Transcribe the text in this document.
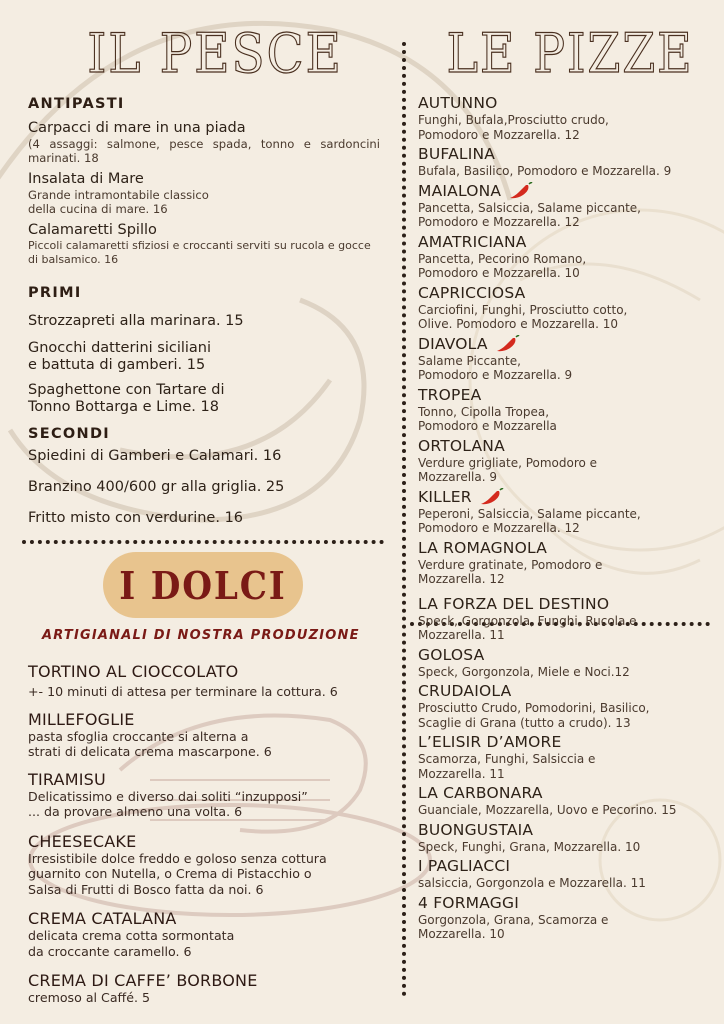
IL PESCE	LE PIZZE
ANTIPASTI
Carpacci di mare in una piada
(4 assaggi: salmone, pesce spada, tonno e sardoncini marinati. 18
Insalata di Mare
Grande intramontabile classico
della cucina di mare. 16
Calamaretti Spillo
Piccoli calamaretti sfiziosi e croccanti serviti su rucola e gocce di balsamico. 16
PRIMI
Strozzapreti alla marinara. 15
Gnocchi datterini siciliani
e battuta di gamberi. 15
Spaghettone con Tartare di
Tonno Bottarga e Lime. 18
SECONDI
Spiedini di Gamberi e Calamari. 16
Branzino 400/600 gr alla griglia. 25
Fritto misto con verdurine. 16
I DOLCI
ARTIGIANALI DI NOSTRA PRODUZIONE
TORTINO AL CIOCCOLATO
+- 10 minuti di attesa per terminare la cottura. 6
MILLEFOGLIE
pasta sfoglia croccante si alterna a
strati di delicata crema mascarpone. 6
TIRAMISU
Delicatissimo e diverso dai soliti “inzupposi”
... da provare almeno una volta. 6
CHEESECAKE
Irresistibile dolce freddo e goloso senza cottura
guarnito con Nutella, o Crema di Pistacchio o
Salsa di Frutti di Bosco fatta da noi. 6
CREMA CATALANA
delicata crema cotta sormontata
da croccante caramello. 6
CREMA DI CAFFE’ BORBONE
cremoso al Caffé. 5
AUTUNNO
Funghi, Bufala,Prosciutto crudo,
Pomodoro e Mozzarella. 12
BUFALINA
Bufala, Basilico, Pomodoro e Mozzarella. 9
MAIALONA
Pancetta, Salsiccia, Salame piccante,
Pomodoro e Mozzarella. 12
AMATRICIANA
Pancetta, Pecorino Romano,
Pomodoro e Mozzarella. 10
CAPRICCIOSA
Carciofini, Funghi, Prosciutto cotto,
Olive. Pomodoro e Mozzarella. 10
DIAVOLA
Salame Piccante,
Pomodoro e Mozzarella. 9
TROPEA
Tonno, Cipolla Tropea,
Pomodoro e Mozzarella
ORTOLANA
Verdure grigliate, Pomodoro e
Mozzarella. 9
KILLER
Peperoni, Salsiccia, Salame piccante,
Pomodoro e Mozzarella. 12
LA ROMAGNOLA
Verdure gratinate, Pomodoro e
Mozzarella. 12
LA FORZA DEL DESTINO
Speck, Gorgonzola, Funghi, Rucola e
Mozzarella. 11
GOLOSA
Speck, Gorgonzola, Miele e Noci.12
CRUDAIOLA
Prosciutto Crudo, Pomodorini, Basilico,
Scaglie di Grana (tutto a crudo). 13
L’ELISIR D’AMORE
Scamorza, Funghi, Salsiccia e
Mozzarella. 11
LA CARBONARA
Guanciale, Mozzarella, Uovo e Pecorino. 15
BUONGUSTAIA
Speck, Funghi, Grana, Mozzarella. 10
I PAGLIACCI
salsiccia, Gorgonzola e Mozzarella. 11
4 FORMAGGI
Gorgonzola, Grana, Scamorza e
Mozzarella. 10
